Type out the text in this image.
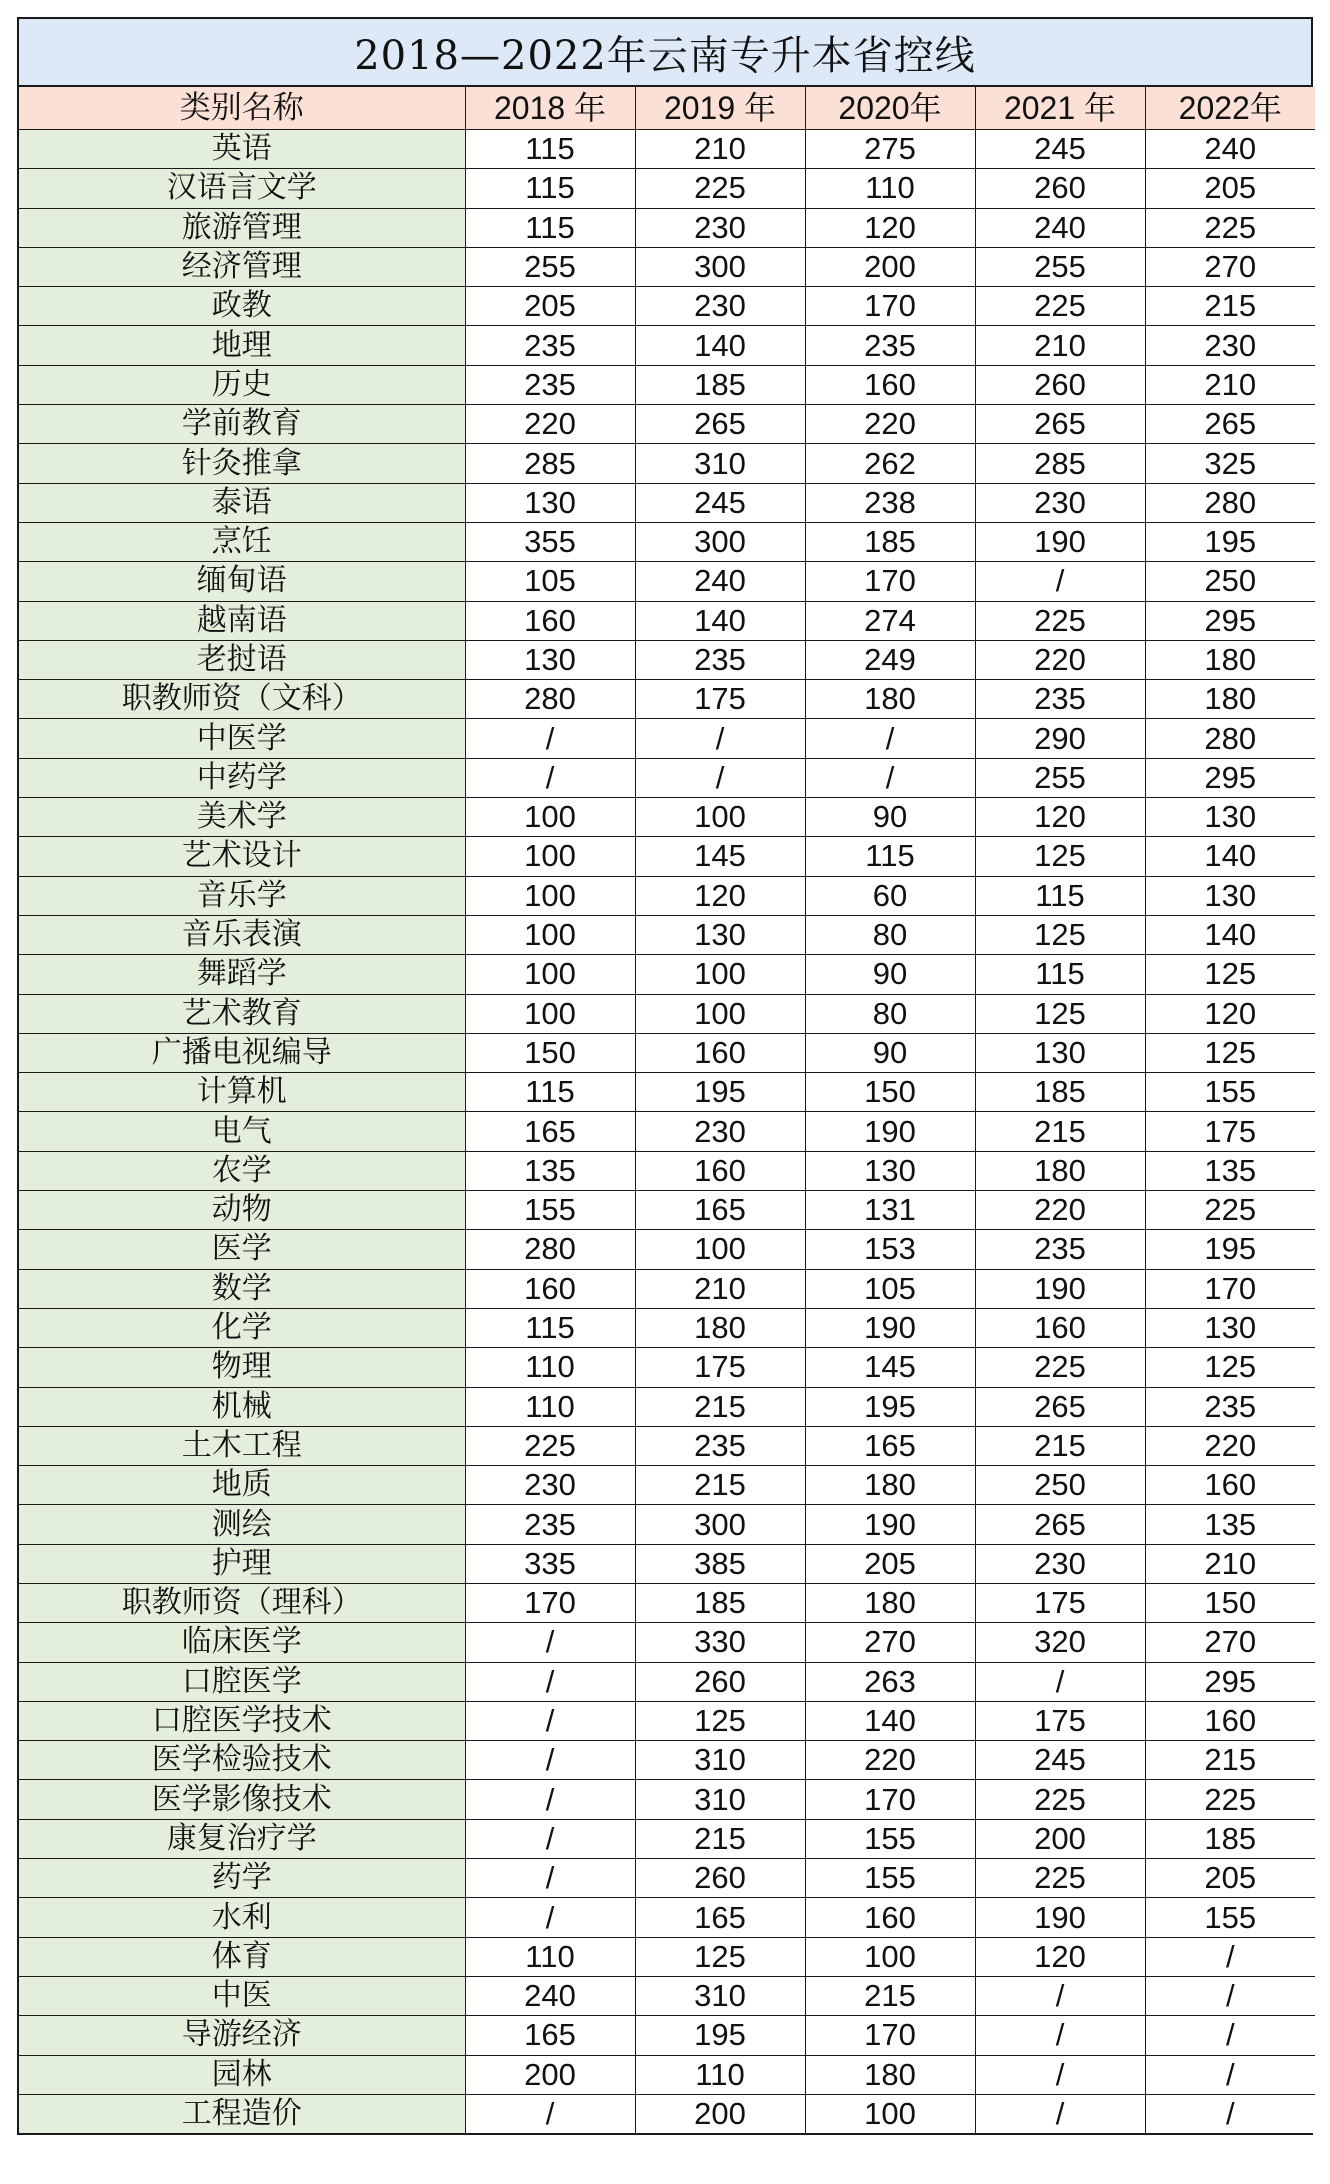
2018—2022年云南专升本省控线
类别名称	2018 年	2019 年	2020年	2021 年	2022年
英语	115	210	275	245	240
汉语言文学	115	225	110	260	205
旅游管理	115	230	120	240	225
经济管理	255	300	200	255	270
政教	205	230	170	225	215
地理	235	140	235	210	230
历史	235	185	160	260	210
学前教育	220	265	220	265	265
针灸推拿	285	310	262	285	325
泰语	130	245	238	230	280
烹饪	355	300	185	190	195
缅甸语	105	240	170	/	250
越南语	160	140	274	225	295
老挝语	130	235	249	220	180
职教师资（文科）	280	175	180	235	180
中医学	/	/	/	290	280
中药学	/	/	/	255	295
美术学	100	100	90	120	130
艺术设计	100	145	115	125	140
音乐学	100	120	60	115	130
音乐表演	100	130	80	125	140
舞蹈学	100	100	90	115	125
艺术教育	100	100	80	125	120
广播电视编导	150	160	90	130	125
计算机	115	195	150	185	155
电气	165	230	190	215	175
农学	135	160	130	180	135
动物	155	165	131	220	225
医学	280	100	153	235	195
数学	160	210	105	190	170
化学	115	180	190	160	130
物理	110	175	145	225	125
机械	110	215	195	265	235
土木工程	225	235	165	215	220
地质	230	215	180	250	160
测绘	235	300	190	265	135
护理	335	385	205	230	210
职教师资（理科）	170	185	180	175	150
临床医学	/	330	270	320	270
口腔医学	/	260	263	/	295
口腔医学技术	/	125	140	175	160
医学检验技术	/	310	220	245	215
医学影像技术	/	310	170	225	225
康复治疗学	/	215	155	200	185
药学	/	260	155	225	205
水利	/	165	160	190	155
体育	110	125	100	120	/
中医	240	310	215	/	/
导游经济	165	195	170	/	/
园林	200	110	180	/	/
工程造价	/	200	100	/	/
